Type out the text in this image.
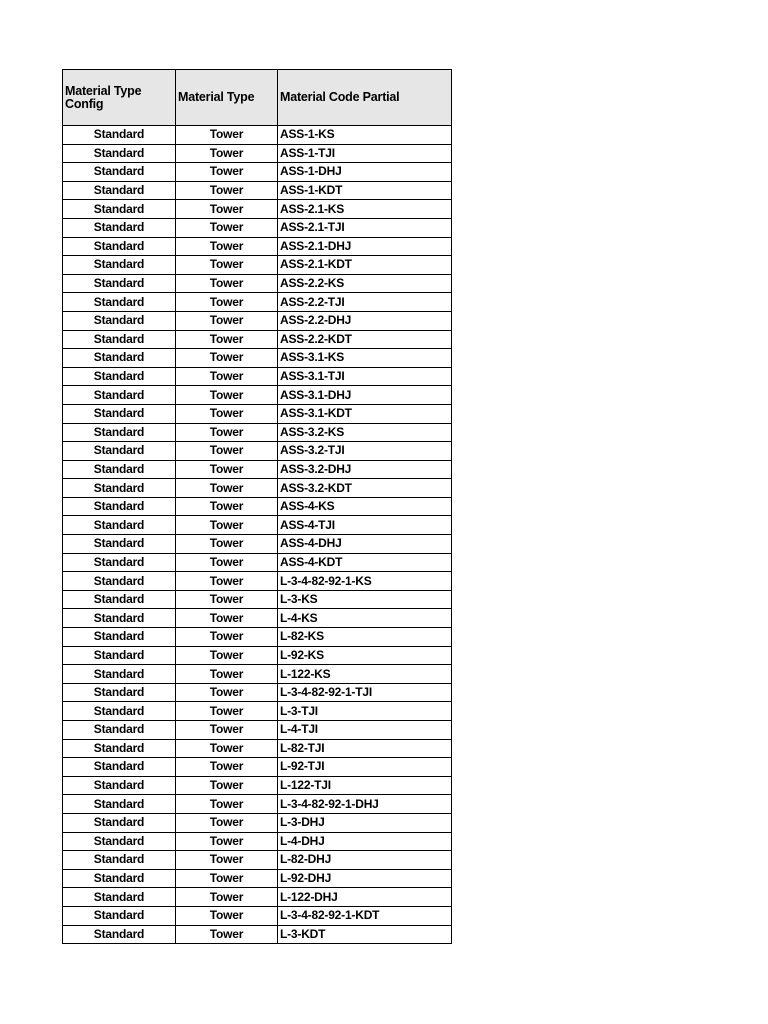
Material Type Config	Material Type	Material Code Partial
Standard	Tower	ASS-1-KS
Standard	Tower	ASS-1-TJI
Standard	Tower	ASS-1-DHJ
Standard	Tower	ASS-1-KDT
Standard	Tower	ASS-2.1-KS
Standard	Tower	ASS-2.1-TJI
Standard	Tower	ASS-2.1-DHJ
Standard	Tower	ASS-2.1-KDT
Standard	Tower	ASS-2.2-KS
Standard	Tower	ASS-2.2-TJI
Standard	Tower	ASS-2.2-DHJ
Standard	Tower	ASS-2.2-KDT
Standard	Tower	ASS-3.1-KS
Standard	Tower	ASS-3.1-TJI
Standard	Tower	ASS-3.1-DHJ
Standard	Tower	ASS-3.1-KDT
Standard	Tower	ASS-3.2-KS
Standard	Tower	ASS-3.2-TJI
Standard	Tower	ASS-3.2-DHJ
Standard	Tower	ASS-3.2-KDT
Standard	Tower	ASS-4-KS
Standard	Tower	ASS-4-TJI
Standard	Tower	ASS-4-DHJ
Standard	Tower	ASS-4-KDT
Standard	Tower	L-3-4-82-92-1-KS
Standard	Tower	L-3-KS
Standard	Tower	L-4-KS
Standard	Tower	L-82-KS
Standard	Tower	L-92-KS
Standard	Tower	L-122-KS
Standard	Tower	L-3-4-82-92-1-TJI
Standard	Tower	L-3-TJI
Standard	Tower	L-4-TJI
Standard	Tower	L-82-TJI
Standard	Tower	L-92-TJI
Standard	Tower	L-122-TJI
Standard	Tower	L-3-4-82-92-1-DHJ
Standard	Tower	L-3-DHJ
Standard	Tower	L-4-DHJ
Standard	Tower	L-82-DHJ
Standard	Tower	L-92-DHJ
Standard	Tower	L-122-DHJ
Standard	Tower	L-3-4-82-92-1-KDT
Standard	Tower	L-3-KDT
